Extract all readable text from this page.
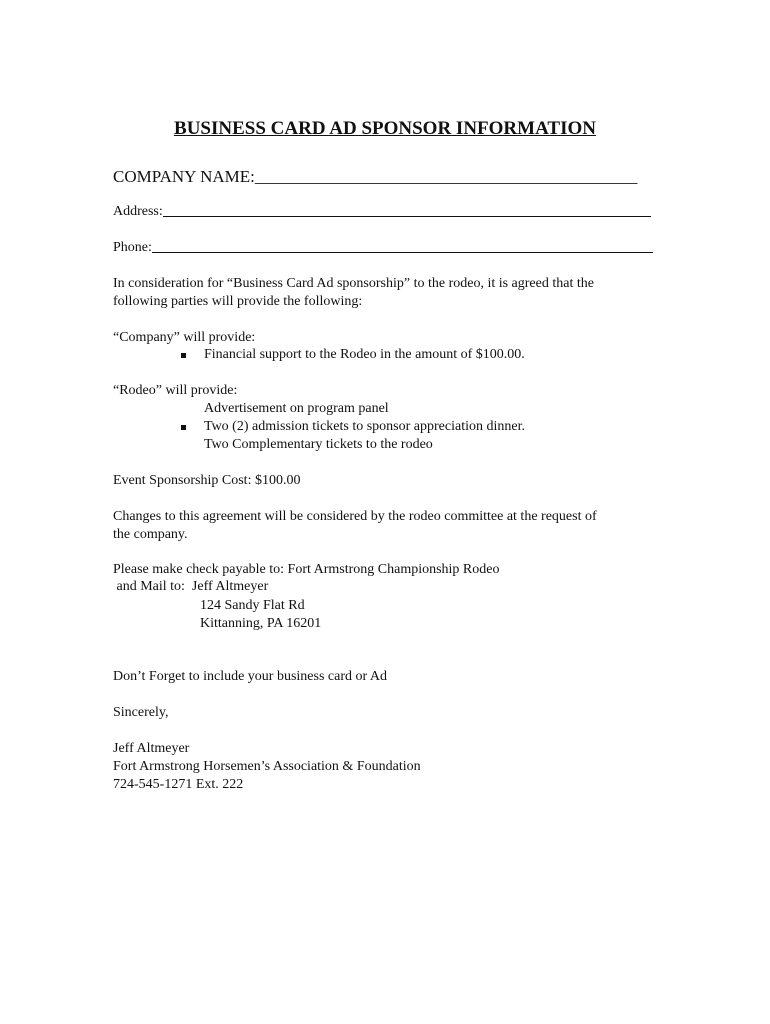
BUSINESS CARD AD SPONSOR INFORMATION
COMPANY NAME:_____________________________________________
Address:
Phone:
In consideration for “Business Card Ad sponsorship” to the rodeo, it is agreed that the
following parties will provide the following:
“Company” will provide:
Financial support to the Rodeo in the amount of $100.00.
“Rodeo” will provide:
Advertisement on program panel
Two (2) admission tickets to sponsor appreciation dinner.
Two Complementary tickets to the rodeo
Event Sponsorship Cost: $100.00
Changes to this agreement will be considered by the rodeo committee at the request of
the company.
Please make check payable to: Fort Armstrong Championship Rodeo
and Mail to:  Jeff Altmeyer
124 Sandy Flat Rd
Kittanning, PA 16201
Don’t Forget to include your business card or Ad
Sincerely,
Jeff Altmeyer
Fort Armstrong Horsemen’s Association & Foundation
724-545-1271 Ext. 222
